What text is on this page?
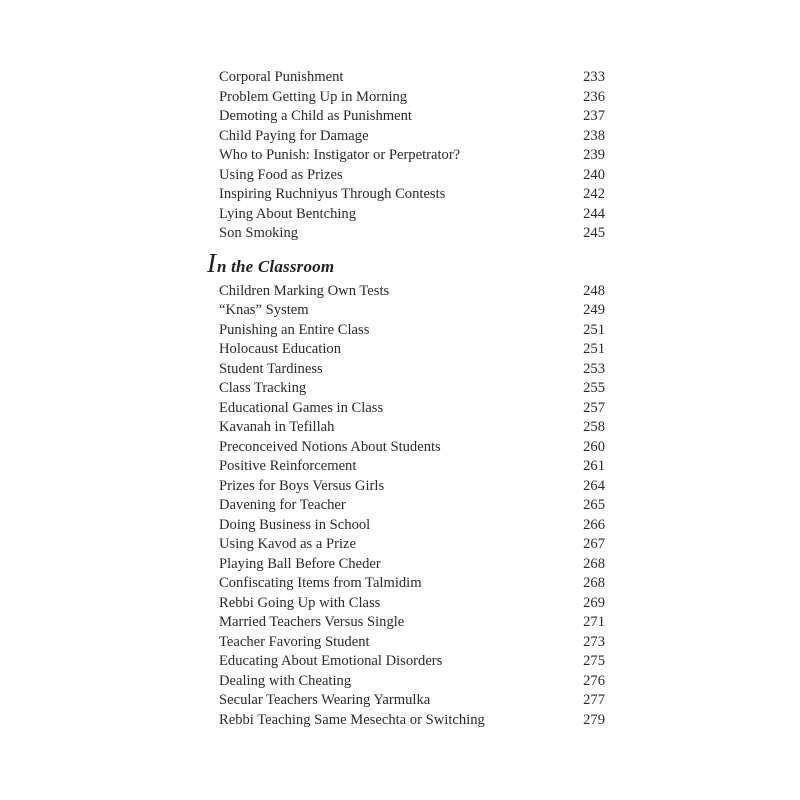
Corporal Punishment	233
Problem Getting Up in Morning	236
Demoting a Child as Punishment	237
Child Paying for Damage	238
Who to Punish: Instigator or Perpetrator?	239
Using Food as Prizes	240
Inspiring Ruchniyus Through Contests	242
Lying About Bentching	244
Son Smoking	245
In the Classroom
Children Marking Own Tests	248
“Knas” System	249
Punishing an Entire Class	251
Holocaust Education	251
Student Tardiness	253
Class Tracking	255
Educational Games in Class	257
Kavanah in Tefillah	258
Preconceived Notions About Students	260
Positive Reinforcement	261
Prizes for Boys Versus Girls	264
Davening for Teacher	265
Doing Business in School	266
Using Kavod as a Prize	267
Playing Ball Before Cheder	268
Confiscating Items from Talmidim	268
Rebbi Going Up with Class	269
Married Teachers Versus Single	271
Teacher Favoring Student	273
Educating About Emotional Disorders	275
Dealing with Cheating	276
Secular Teachers Wearing Yarmulka	277
Rebbi Teaching Same Mesechta or Switching	279
